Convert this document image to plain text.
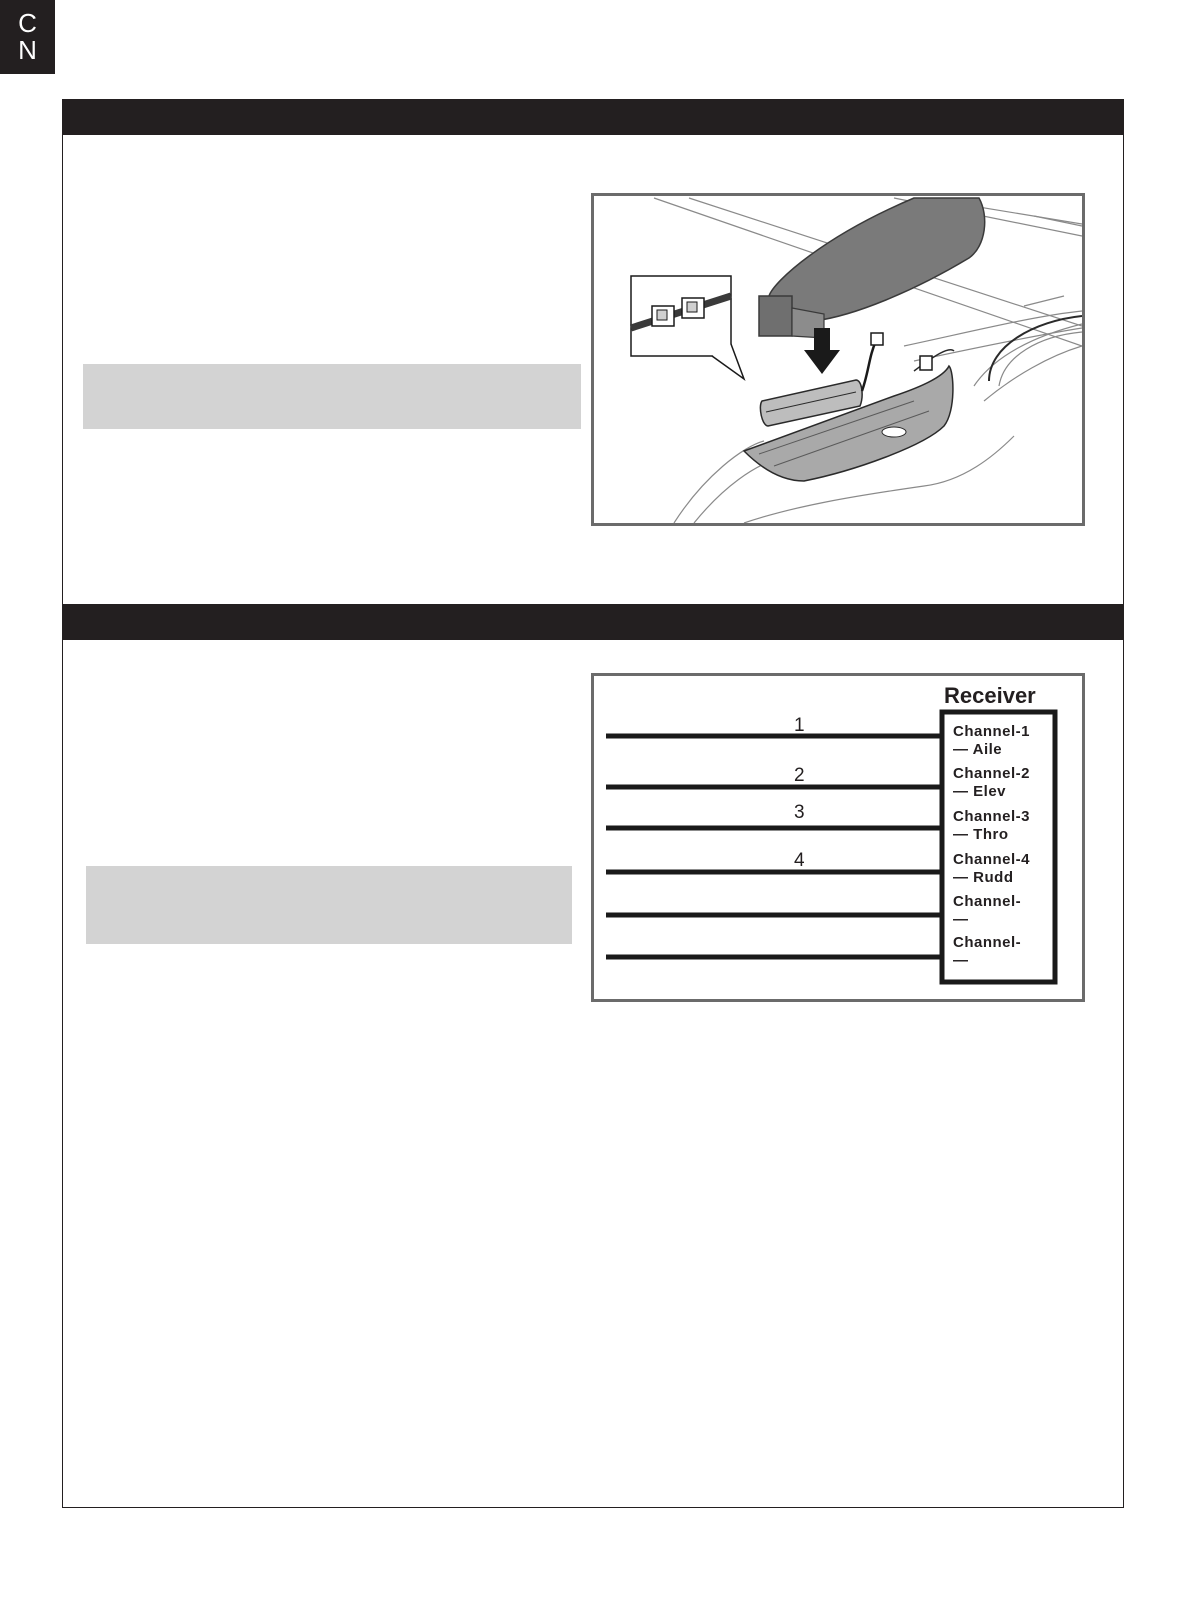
C
N
Receiver
1	Channel-1
— Aile
2	Channel-2
— Elev
3	Channel-3
— Thro
4	Channel-4
— Rudd
Channel-
—
Channel-
—
